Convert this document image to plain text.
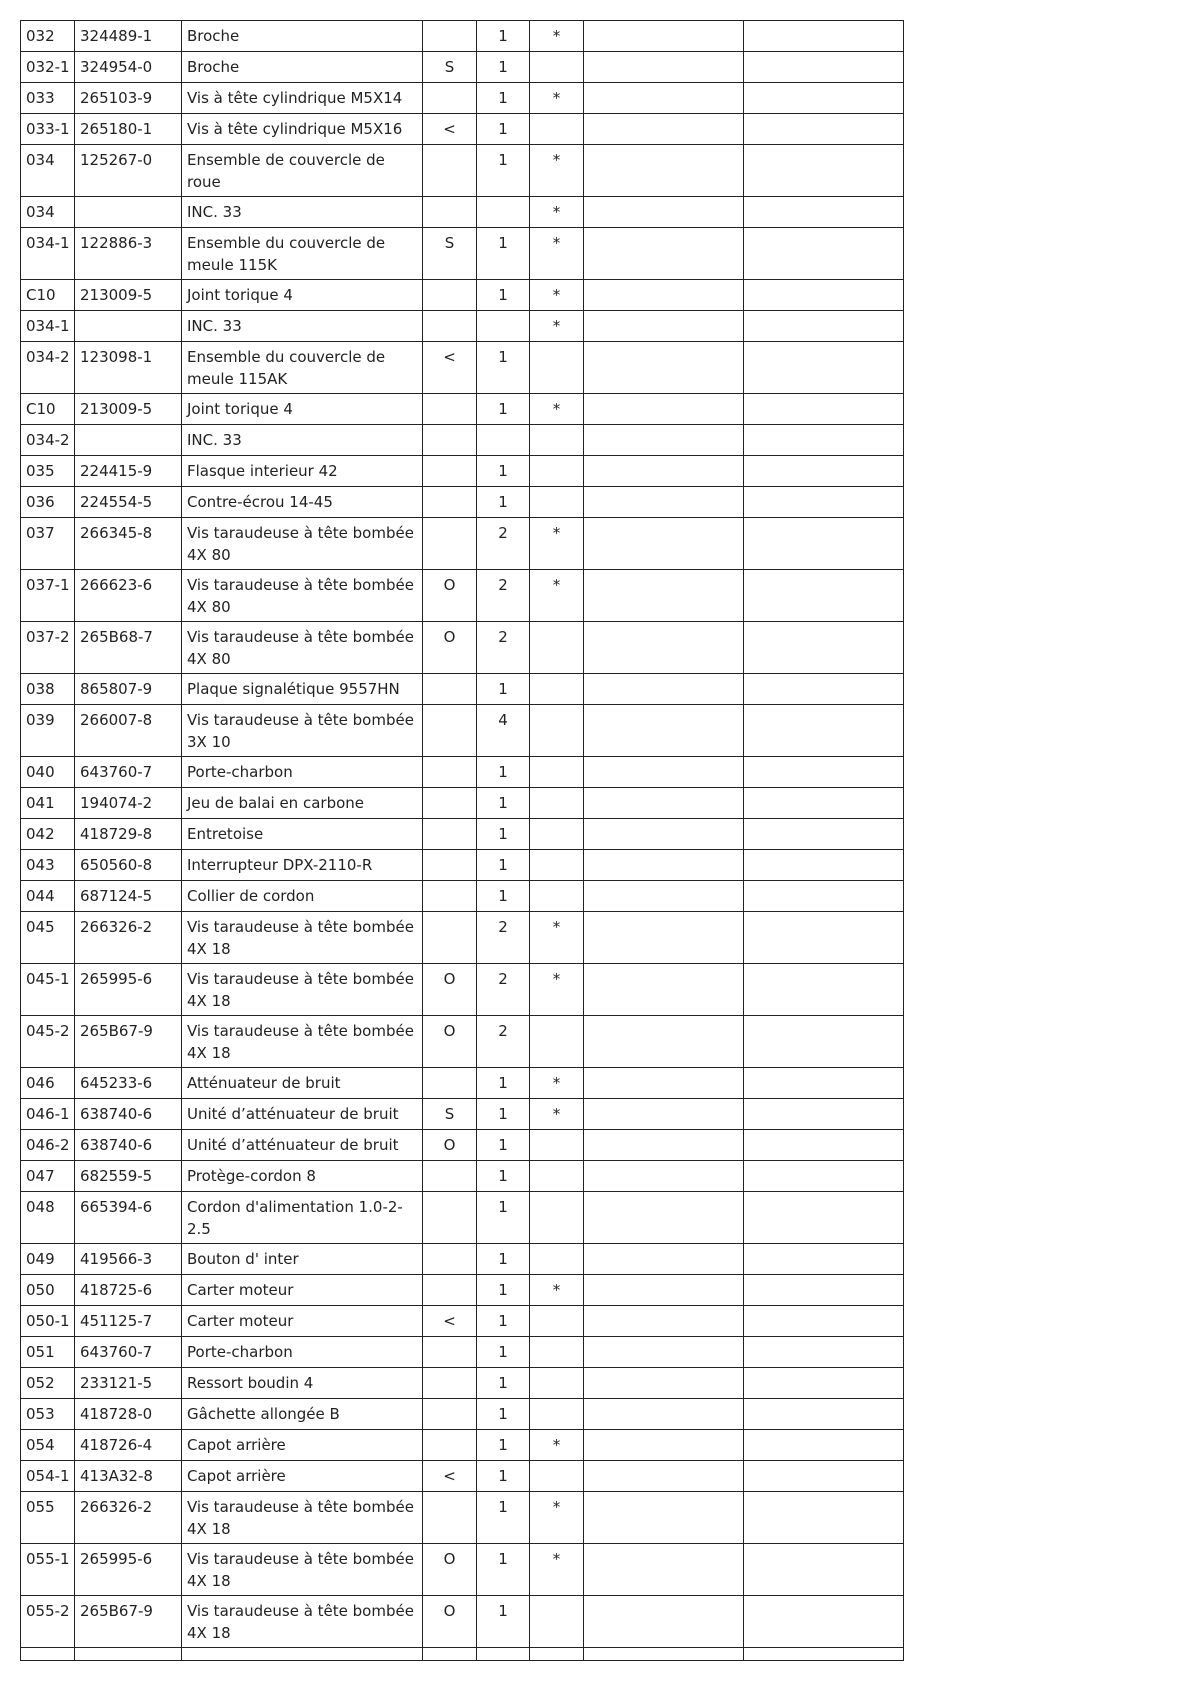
032	324489-1	Broche		1	*		
032-1	324954-0	Broche	S	1			
033	265103-9	Vis à tête cylindrique M5X14		1	*		
033-1	265180-1	Vis à tête cylindrique M5X16	<	1			
034	125267-0	Ensemble de couvercle de roue		1	*		
034		INC. 33			*		
034-1	122886-3	Ensemble du couvercle de meule 115K	S	1	*		
C10	213009-5	Joint torique 4		1	*		
034-1		INC. 33			*		
034-2	123098-1	Ensemble du couvercle de meule 115AK	<	1			
C10	213009-5	Joint torique 4		1	*		
034-2		INC. 33					
035	224415-9	Flasque interieur 42		1			
036	224554-5	Contre-écrou 14-45		1			
037	266345-8	Vis taraudeuse à tête bombée 4X 80		2	*		
037-1	266623-6	Vis taraudeuse à tête bombée 4X 80	O	2	*		
037-2	265B68-7	Vis taraudeuse à tête bombée 4X 80	O	2			
038	865807-9	Plaque signalétique 9557HN		1			
039	266007-8	Vis taraudeuse à tête bombée 3X 10		4			
040	643760-7	Porte-charbon		1			
041	194074-2	Jeu de balai en carbone		1			
042	418729-8	Entretoise		1			
043	650560-8	Interrupteur DPX-2110-R		1			
044	687124-5	Collier de cordon		1			
045	266326-2	Vis taraudeuse à tête bombée 4X 18		2	*		
045-1	265995-6	Vis taraudeuse à tête bombée 4X 18	O	2	*		
045-2	265B67-9	Vis taraudeuse à tête bombée 4X 18	O	2			
046	645233-6	Atténuateur de bruit		1	*		
046-1	638740-6	Unité d’atténuateur de bruit	S	1	*		
046-2	638740-6	Unité d’atténuateur de bruit	O	1			
047	682559-5	Protège-cordon 8		1			
048	665394-6	Cordon d'alimentation 1.0-2-2.5		1			
049	419566-3	Bouton d' inter		1			
050	418725-6	Carter moteur		1	*		
050-1	451125-7	Carter moteur	<	1			
051	643760-7	Porte-charbon		1			
052	233121-5	Ressort boudin 4		1			
053	418728-0	Gâchette allongée B		1			
054	418726-4	Capot arrière		1	*		
054-1	413A32-8	Capot arrière	<	1			
055	266326-2	Vis taraudeuse à tête bombée 4X 18		1	*		
055-1	265995-6	Vis taraudeuse à tête bombée 4X 18	O	1	*		
055-2	265B67-9	Vis taraudeuse à tête bombée 4X 18	O	1			
